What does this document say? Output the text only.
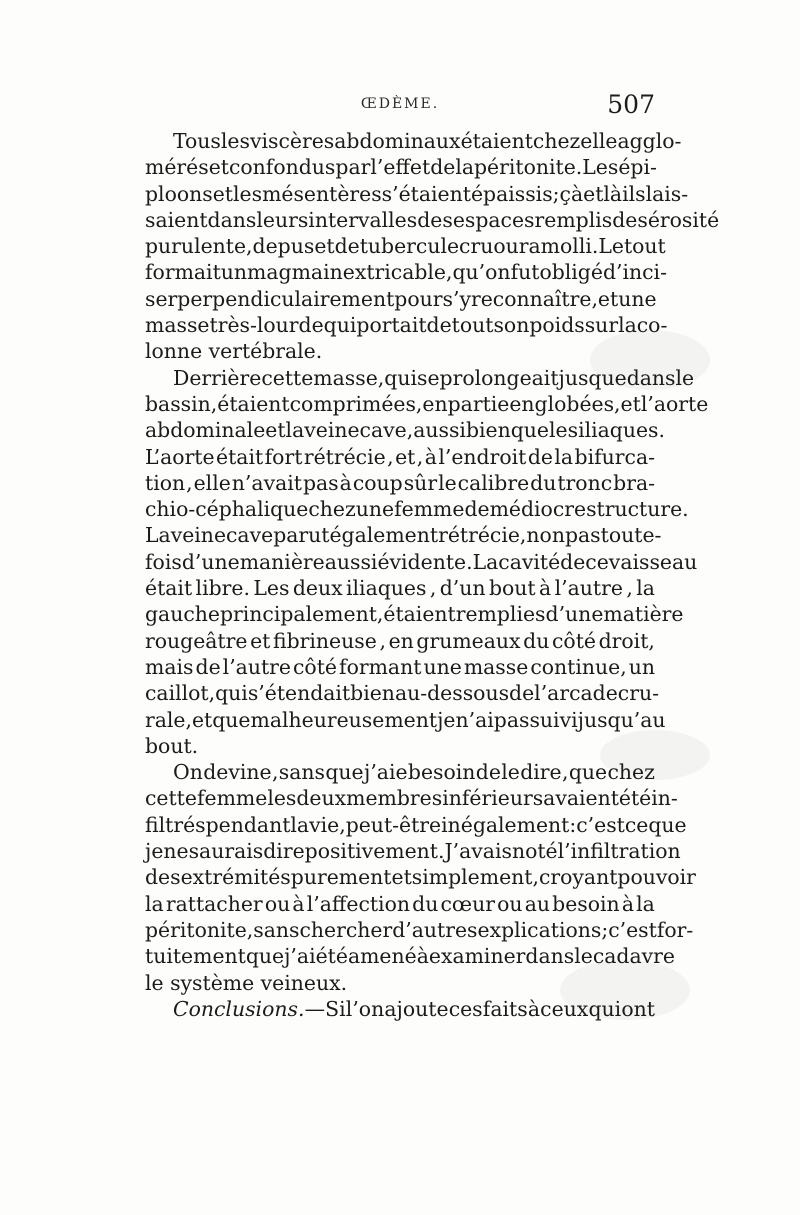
ŒDÈME.	507
Tous les viscères abdominaux étaient chez elle agglo-
mérés et confondus par l’effet de la péritonite. Les épi-
ploons et les mésentères s’étaient épaissis ; çà et là ils lais-
saient dans leurs intervalles des espaces remplis de sérosité
purulente, de pus et de tubercule cru ou ramolli. Le tout
formait un magma inextricable, qu’on fut obligé d’inci-
ser perpendiculairement pour s’y reconnaître , et une
masse très-lourde qui portait de tout son poids sur la co-
lonne vertébrale.
Derrière cette masse, qui se prolongeait jusque dans le
bassin, étaient comprimées , en partie englobées, et l’aorte
abdominale et la veine cave , aussi bien que les iliaques.
L’aorte était fort rétrécie , et , à l’endroit de la bifurca-
tion , elle n’avait pas à coup sûr le calibre du tronc bra-
chio-céphalique chez une femme de médiocre structure.
La veine cave parut également rétrécie, non pas toute-
fois d’une manière aussi évidente. La cavité de ce vaisseau
était libre. Les deux iliaques , d’un bout à l’autre , la
gauche principalement , étaient remplies d’une matière
rougeâtre et fibrineuse , en grumeaux du côté droit,
mais de l’autre côté formant une masse continue, un
caillot, qui s’étendait bien au-dessous de l’arcade cru-
rale , et que malheureusement je n’ai pas suivi jusqu’au
bout.
On devine , sans que j’aie besoin de le dire , que chez
cette femme les deux membres inférieurs avaient été in-
filtrés pendant la vie , peut-être inégalement : c’est ce que
je ne saurais dire positivement. J’avais noté l’infiltration
des extrémités purement et simplement, croyant pouvoir
la rattacher ou à l’affection du cœur ou au besoin à la
péritonite, sans chercher d’autres explications ; c’est for-
tuitement que j’ai été amené à examiner dans le cadavre
le système veineux.
Conclusions. — Si l’on ajoute ces faits à ceux qui ont
